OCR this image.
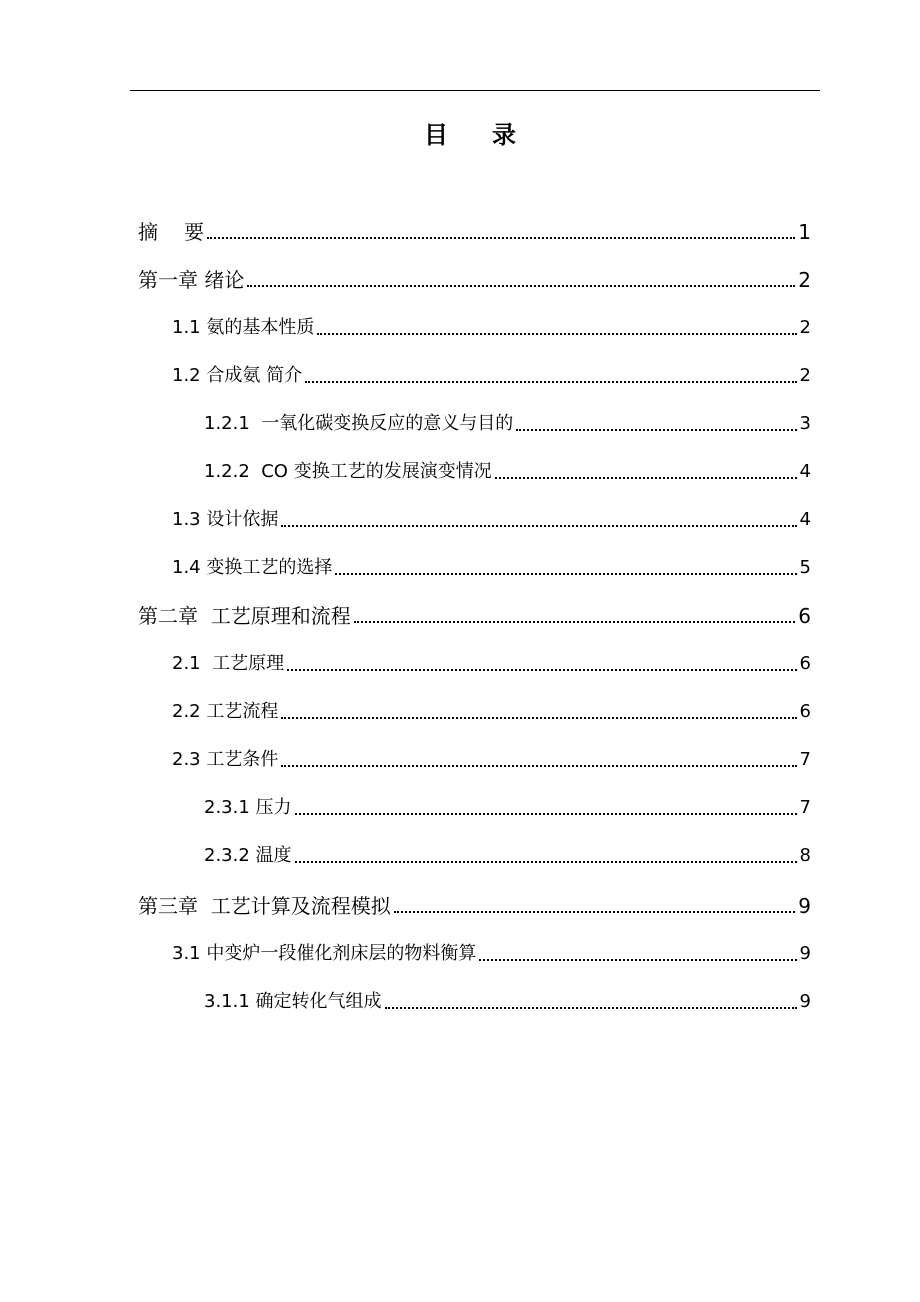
目 录
摘 要	1
第一章 绪论	2
1.1 氨的基本性质	2
1.2 合成氨 简介	2
1.2.1  一氧化碳变换反应的意义与目的	3
1.2.2  CO 变换工艺的发展演变情况	4
1.3 设计依据	4
1.4 变换工艺的选择	5
第二章  工艺原理和流程	6
2.1  工艺原理	6
2.2 工艺流程	6
2.3 工艺条件	7
2.3.1 压力	7
2.3.2 温度	8
第三章  工艺计算及流程模拟	9
3.1 中变炉一段催化剂床层的物料衡算	9
3.1.1 确定转化气组成	9
